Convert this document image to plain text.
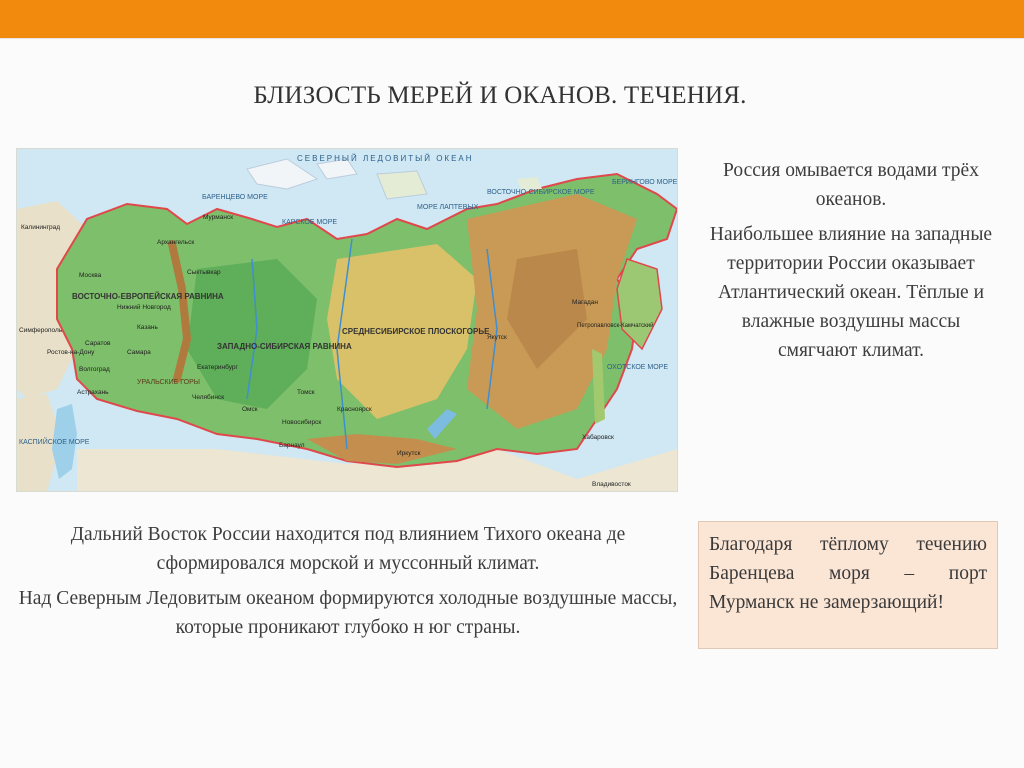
БЛИЗОСТЬ МЕРЕЙ И ОКАНОВ. ТЕЧЕНИЯ.
СЕВЕРНЫЙ ЛЕДОВИТЫЙ ОКЕАН
БАРЕНЦЕВО МОРЕ
КАРСКОЕ МОРЕ
МОРЕ ЛАПТЕВЫХ
ВОСТОЧНО-СИБИРСКОЕ МОРЕ
БЕРИНГОВО МОРЕ
ОХОТСКОЕ МОРЕ
ВОСТОЧНО-ЕВРОПЕЙСКАЯ РАВНИНА
ЗАПАДНО-СИБИРСКАЯ РАВНИНА
СРЕДНЕСИБИРСКОЕ ПЛОСКОГОРЬЕ
УРАЛЬСКИЕ ГОРЫ
КАСПИЙСКОЕ МОРЕ
Мурманск
Калининград
Москва
Архангельск
Сыктывкар
Нижний Новгород
Казань
Самара
Саратов
Волгоград
Симферополь
Ростов-на-Дону
Астрахань
Екатеринбург
Челябинск
Омск
Томск
Новосибирск
Барнаул
Красноярск
Иркутск
Якутск
Магадан
Хабаровск
Владивосток
Петропавловск-Камчатский

Россия омывается водами трёх океанов.

Наибольшее влияние на западные территории России оказывает Атлантический океан. Тёплые и влажные воздушны массы смягчают климат.

Дальний Восток России находится под влиянием Тихого океана де сформировался морской и муссонный климат.

Над Северным Ледовитым океаном формируются холодные воздушные массы, которые проникают глубоко н юг страны.

Благодаря тёплому течению Баренцева моря – порт Мурманск не замерзающий!
